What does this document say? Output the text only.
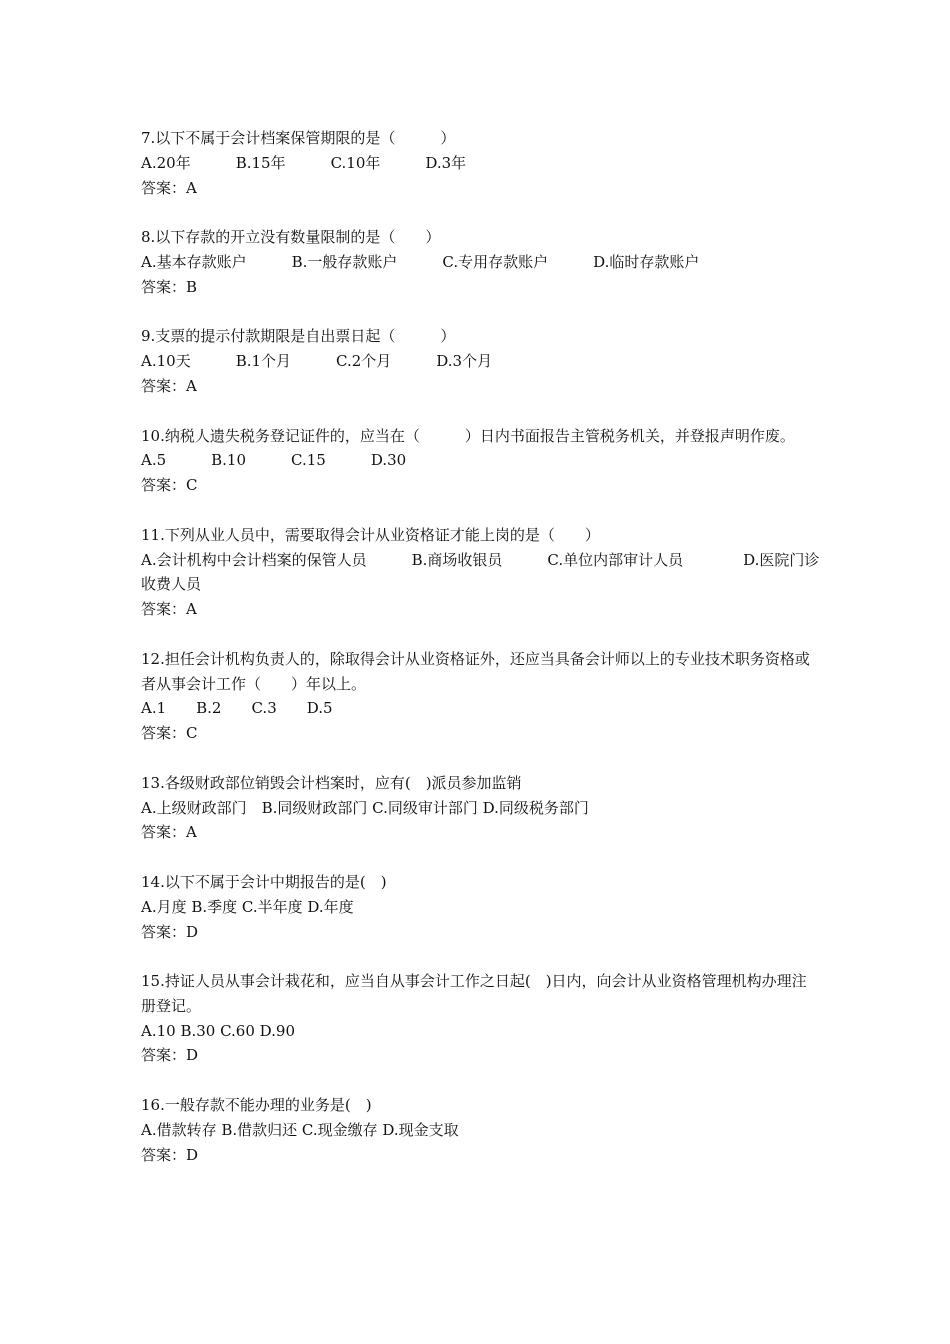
7.以下不属于会计档案保管期限的是（　　　）

A.20年　　　B.15年　　　C.10年　　　D.3年

答案：A

8.以下存款的开立没有数量限制的是（　　）

A.基本存款账户　　　B.一般存款账户　　　C.专用存款账户　　　D.临时存款账户

答案：B

9.支票的提示付款期限是自出票日起（　　　）

A.10天　　　B.1个月　　　C.2个月　　　D.3个月

答案：A

10.纳税人遗失税务登记证件的，应当在（　　　）日内书面报告主管税务机关，并登报声明作废。

A.5　　　B.10　　　C.15　　　D.30

答案：C

11.下列从业人员中，需要取得会计从业资格证才能上岗的是（　　）

A.会计机构中会计档案的保管人员　　　B.商场收银员　　　C.单位内部审计人员　　　　D.医院门诊收费人员

答案：A

12.担任会计机构负责人的，除取得会计从业资格证外，还应当具备会计师以上的专业技术职务资格或者从事会计工作（　　）年以上。

A.1　　B.2　　C.3　　D.5

答案：C

13.各级财政部位销毁会计档案时，应有(　)派员参加监销

A.上级财政部门　B.同级财政部门 C.同级审计部门 D.同级税务部门

答案：A

14.以下不属于会计中期报告的是(　)

A.月度 B.季度 C.半年度 D.年度

答案：D

15.持证人员从事会计栽花和，应当自从事会计工作之日起(　)日内，向会计从业资格管理机构办理注册登记。

A.10 B.30 C.60 D.90

答案：D

16.一般存款不能办理的业务是(　)

A.借款转存 B.借款归还 C.现金缴存 D.现金支取

答案：D
